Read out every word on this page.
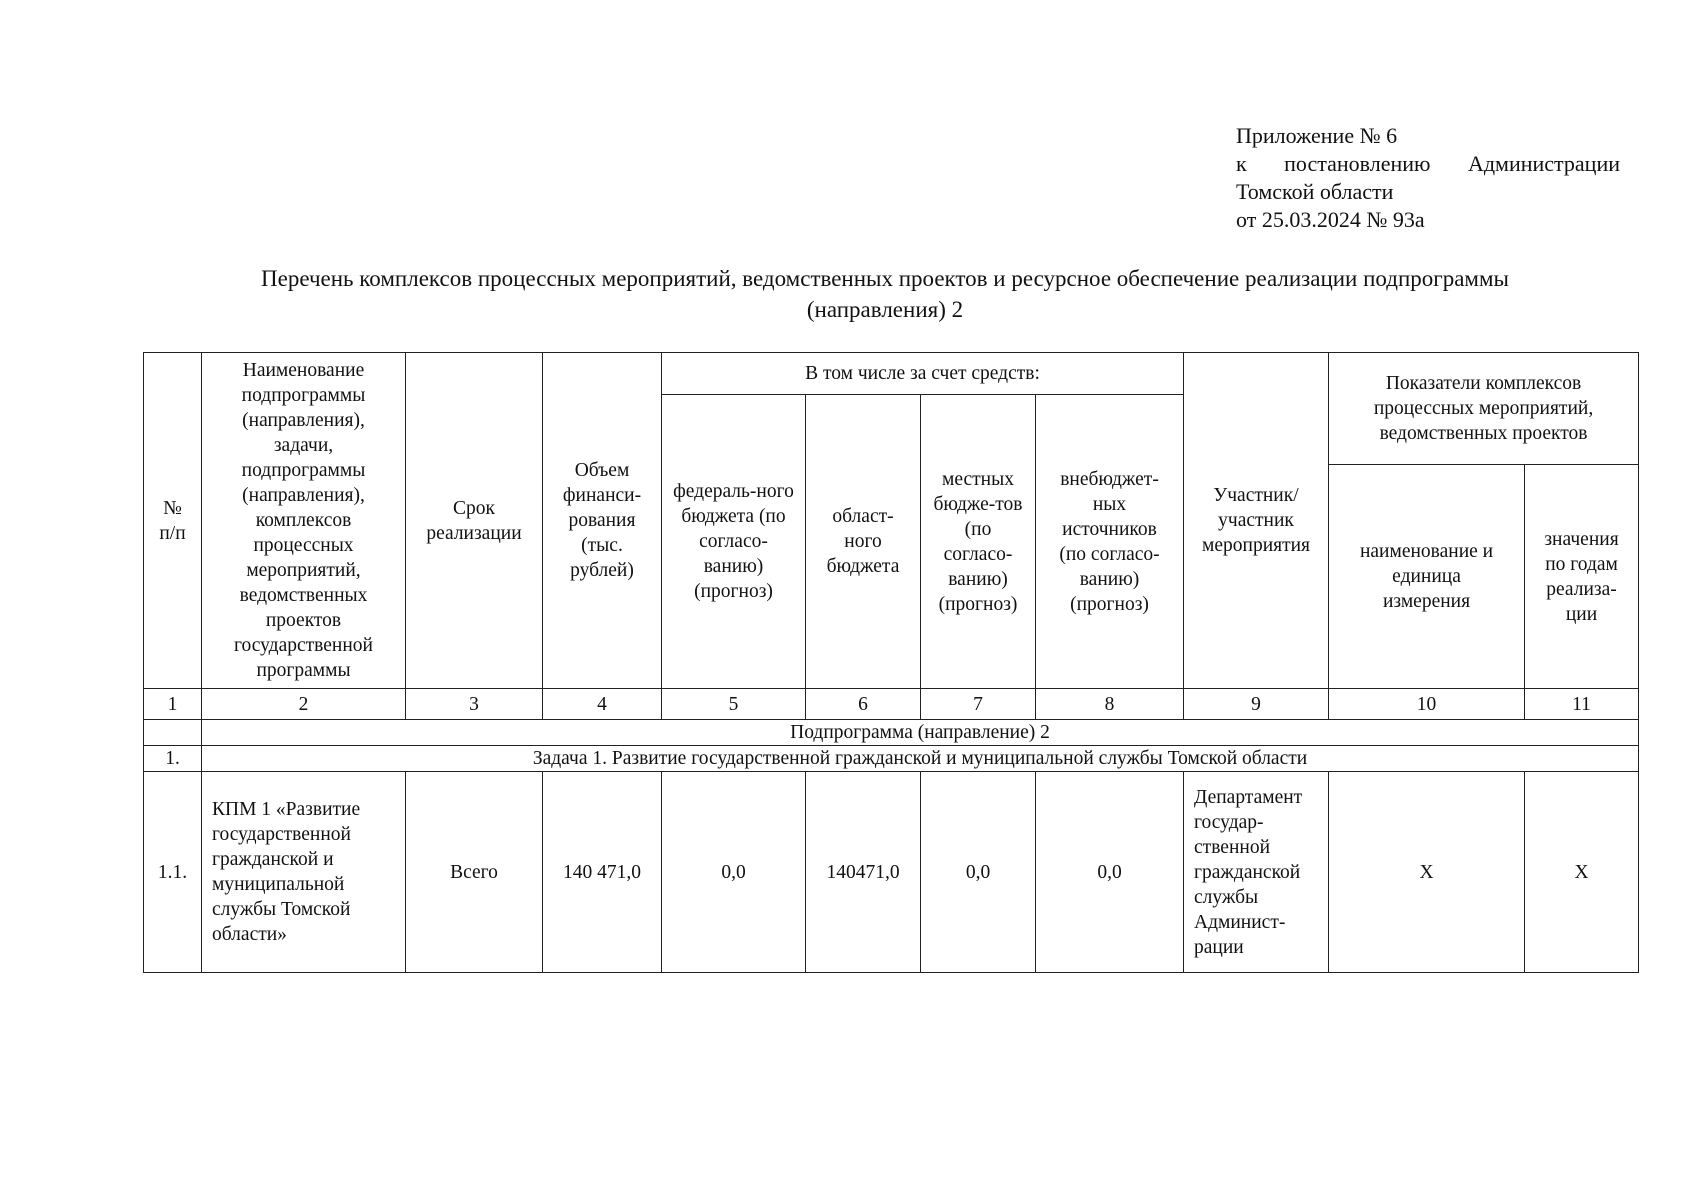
Приложение № 6
к постановлению Администрации
Томской области
от 25.03.2024 № 93а
Перечень комплексов процессных мероприятий, ведомственных проектов и ресурсное обеспечение реализации подпрограммы
(направления) 2
№ п/п	Наименование подпрограммы (направления), задачи, подпрограммы (направления), комплексов процессных мероприятий, ведомственных проектов государственной программы	Срок реализации	Объем финанси-рования (тыс. рублей)	В том числе за счет средств:				Участник/ участник мероприятия	Показатели комплексов процессных мероприятий, ведомственных проектов	
				федераль-ного бюджета (по согласо-ванию) (прогноз)	област-ного бюджета	местных бюдже-тов (по согласо-ванию) (прогноз)	внебюджет-ных источников (по согласо-ванию) (прогноз)			
									наименование и единица измерения	значения по годам реализа-ции
1	2	3	4	5	6	7	8	9	10	11
	Подпрограмма (направление) 2									
1.	Задача 1. Развитие государственной гражданской и муниципальной службы Томской области									
1.1.	КПМ 1 «Развитие государственной гражданской и муниципальной службы Томской области»	Всего	140 471,0	0,0	140471,0	0,0	0,0	Департамент государ-ственной гражданской службы Админист-рации	Х	Х
